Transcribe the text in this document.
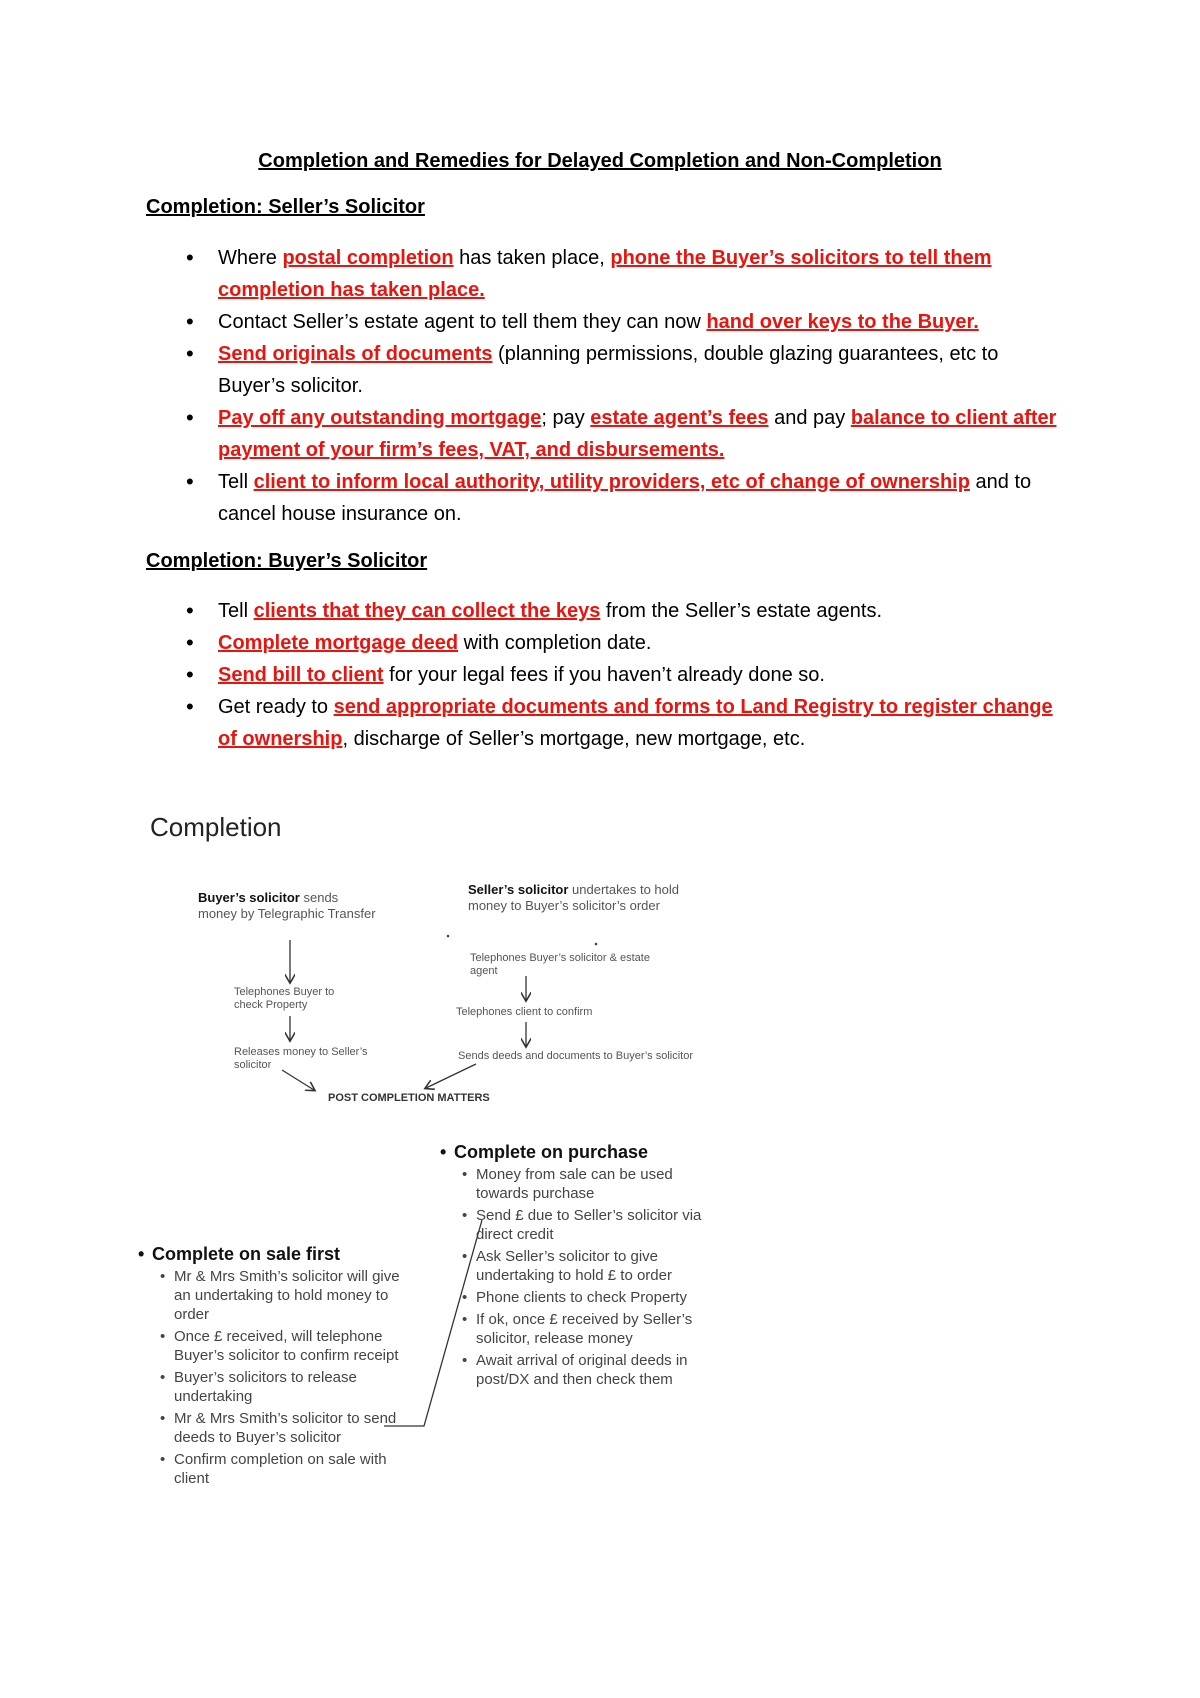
Completion and Remedies for Delayed Completion and Non-Completion
Completion: Seller’s Solicitor
• Where postal completion has taken place, phone the Buyer’s solicitors to tell them completion has taken place.
• Contact Seller’s estate agent to tell them they can now hand over keys to the Buyer.
• Send originals of documents (planning permissions, double glazing guarantees, etc to Buyer’s solicitor.
• Pay off any outstanding mortgage; pay estate agent’s fees and pay balance to client after payment of your firm’s fees, VAT, and disbursements.
• Tell client to inform local authority, utility providers, etc of change of ownership and to cancel house insurance on.
Completion: Buyer’s Solicitor
• Tell clients that they can collect the keys from the Seller’s estate agents.
• Complete mortgage deed with completion date.
• Send bill to client for your legal fees if you haven’t already done so.
• Get ready to send appropriate documents and forms to Land Registry to register change of ownership, discharge of Seller’s mortgage, new mortgage, etc.
Completion
Buyer’s solicitor sends money by Telegraphic Transfer
Telephones Buyer to check Property
Releases money to Seller’s solicitor
Seller’s solicitor undertakes to hold money to Buyer’s solicitor’s order
Telephones Buyer’s solicitor & estate agent
Telephones client to confirm
Sends deeds and documents to Buyer’s solicitor
POST COMPLETION MATTERS
• Complete on purchase
• Money from sale can be used towards purchase
• Send £ due to Seller’s solicitor via direct credit
• Ask Seller’s solicitor to give undertaking to hold £ to order
• Phone clients to check Property
• If ok, once £ received by Seller’s solicitor, release money
• Await arrival of original deeds in post/DX and then check them
• Complete on sale first
• Mr & Mrs Smith’s solicitor will give an undertaking to hold money to order
• Once £ received, will telephone Buyer’s solicitor to confirm receipt
• Buyer’s solicitors to release undertaking
• Mr & Mrs Smith’s solicitor to send deeds to Buyer’s solicitor
• Confirm completion on sale with client
